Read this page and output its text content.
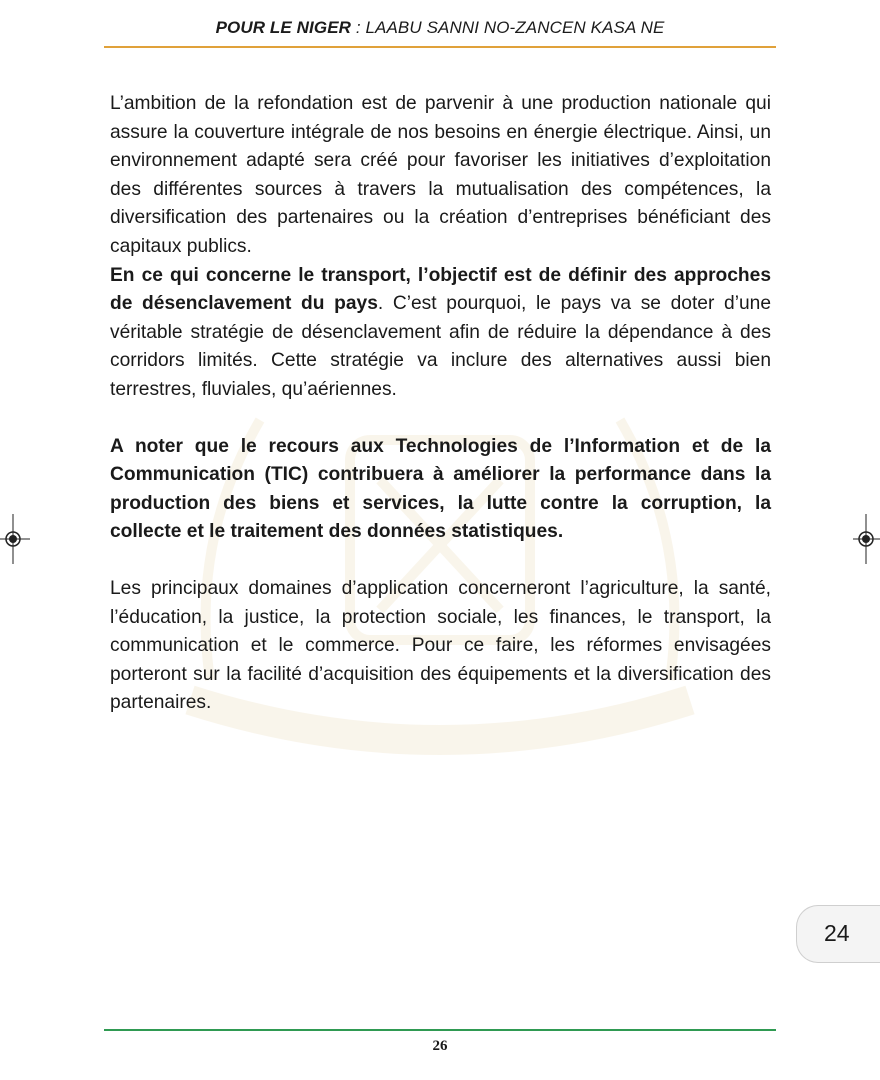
POUR LE NIGER : LAABU SANNI NO-ZANCEN KASA NE

L’ambition de la refondation est de parvenir à une production nationale qui assure la couverture intégrale de nos besoins en énergie électrique. Ainsi, un environnement adapté sera créé pour favoriser les initiatives d’exploitation des différentes sources à travers la mutualisation des compétences, la diversification des partenaires ou la création d’entreprises bénéficiant des capitaux publics.

En ce qui concerne le transport, l’objectif est de définir des approches de désenclavement du pays. C’est pourquoi, le pays va se doter d’une véritable stratégie de désenclavement afin de réduire la dépendance à des corridors limités. Cette stratégie va inclure des alternatives aussi bien terrestres, fluviales, qu’aériennes.

A noter que le recours aux Technologies de l’Information et de la Communication (TIC) contribuera à améliorer la performance dans la production des biens et services, la lutte contre la corruption, la collecte et le traitement des données statistiques.

Les principaux domaines d’application concerneront l’agriculture, la santé, l’éducation, la justice, la protection sociale, les finances, le transport, la communication et le commerce. Pour ce faire, les réformes envisagées porteront sur la facilité d’acquisition des équipements et la diversification des partenaires.

24
26
